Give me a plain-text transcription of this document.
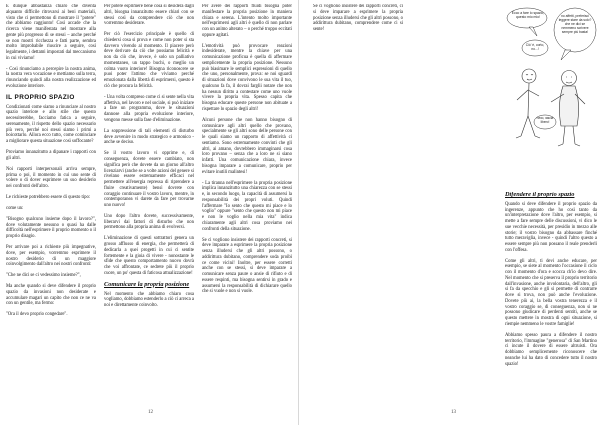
È dunque abbastanza chiaro che diventa alquanto difficile ritrovarsi ai beni materiali, visto che ci permettono di mostrare il "potere" che abbiamo raggiunto! Così accade che la ricerca viene manifestata nel mostrare alla gente più progresso di se stessi – anche perché se non mostri ricchezza e fatti parte, sembra molto improbabile riuscire a seguire, così legalmente, i dettami impostati dal meccanismo in cui viviamo!

- Così rinunciamo a percepire la nostra anima, la nostra vera vocazione e mettiamo sulla terra, rinunciando quindi alla nostra realizzazione ed evoluzione interiore.

IL PROPRIO SPAZIO

Condizionati come siamo a rinunciare al nostro spazio interiore e allo stile che questo necessiterebbe, facciamo fatica a seguire, serenamente, il rispetto dello spazio necessario più vero, perché noi stessi siamo i primi a boicottarlo. Allora ecco tutto, come cominciare a migliorare questa situazione così soffocante?

Proviamo innanzitutto a dipanare i rapporti con gli altri.

Noi rapporti interpersonali arriva sempre, prima o poi, il momento in cui uno sente di volere o di dover esprimere un suo desiderio nei confronti dell'altro.

Le richieste potrebbero essere di questo tipo:

come un:

"Bisogno qualcuno insieme dopo il lavoro?", dove volutamente nessuno o quasi ha dalle difficoltà nell'esprimere il proprio momento o il proprio disagio.

Per arrivare poi a richieste più impegnative, dove, per esempio, vorremmo esprimere il nostro desiderio di un maggiore coinvolgimento dall'altro nei nostri confronti:

"Che ne dici se ci vedessimo insieme?",

Ma anche quando si deve difendere il proprio spazio da invasioni non desiderate e accumulare magari un capito che non ce ne va con un gentile, ma fermo:

"Ora il devo proprio congedare".

Per potere esprimere bene cosa si desidera dagli altri, bisogna innanzitutto essere chiari con se stessi così da comprendere ciò che non vorremmo desiderare.

Per ciò l'esercizio principale è quello di chiedersi cosa si prova e come non poter si sta davvero vivendo al momento. Il piacere però deve derivare da ciò che possiamo felicità e non da ciò che, invece, è solo un palliativo momentaneo, un tappo buchi, o meglio un colma vuoto interiore! Bisogna riconoscere se puoi poter l'attimo che viviamo perché emozionata dalla libertà di esprimersi, questo è ciò che procura la felicità.

- Una volta compreso come ci si sente nella vita affettiva, nel lavoro e nel sociale, si può iniziare a fare un programma, dove le situazioni dannose alla propria evoluzione interiore, vengono messe sulla fase d'eliminazione.

La soppressione di tali elementi di disturbo deve avvenire in modo strategico e armonico - anche se deciso.

Se il vostro lavoro vi opprime e, di conseguenza, dovete essere cambiato, non significa però che dovete da un giorno all'altro licenziarvi (anche se a volte azioni del genere si rivelano essere estremamente efficaci nel permettere all'energia repressa di riprendere a fluire creativamente) bensì dovrete con coraggio continuare il vostro lavoro, mentre, in contemporanea vi darete da fare per trovarne uno nuovo!

Uno dopo l'altro dovete, successivamente, liberarvi dai fattori di disturbo che non permettono alla propria anima di evolversi.

L'eliminazione di questi sottrattori genera un grosso afflusso di energia, che permetterà di dedicarla a quei progetti in cui ci sentite fortemente e la gioia di vivere - nonostante le sfide che questo comportamento nuovo dovrà che voi affrontate, ce sedrete più il proprio cuore, un po' questa di faticosa attualizzazione!

Comunicare la propria posizione

Nel momento che abbiamo chiaro cosa vogliamo, dobbiamo estenderlo a ciò ci arreca a noi e direttamente coinvolto.

Per avere dei rapporti fluidi bisogna poter manifestare la propria posizione in maniera chiara e serena. L'intento molto importante nell'esprimersi agli altri è quello di non parlare con un animo alterato – o perché troppo eccitati oppure agitati.

L'emotività può provocare reazioni indesiderate, mentre la chiave per una comunicazione proficua è quella di affermare semplicemente la propria posizione. Nessuno può biasimare le semplici espressioni di quello che uno, personalmente, prova: se noi sguardi di situazioni dove convivono le sua vita il tuo, qualcuno fa fa, il dovrai farglii notare che non ha nessun diritto a contestare come uno vuole vivere la propria vita. Spesso capita che bisogna educare queste persone non abituate a rispettare lo spazio degli altri!

Alcuni persone che non hanno bisogno di comunicare agli altri quello che provano, specialmente se gli altri sono delle persone con le quali siamo un rapporto di affettività ci sentiamo. Sono estremamente convinti che gli altri, ai amano, dovrebbero immaginarsi cosa loro provano – senza che a loro ne si siano infatti. Una comunicazione chiara, invece bisogna imparare a comunicare, proprio per evitare inutili malintesi!

- La tiranna nell'esprimere la propria posizione implica innanzitutto una chiarezza con se stessi e, in secondo luogo, la capacità di assumersi la responsabilità dei propri voluti. Quindi l'affermare "Io sento che questo mi piace e lo voglio" oppure "sento che questo non mi piace e non le voglio nella mia vita" indica chiaramente agli altri cosa proviamo nei confronti della situazione.

Se ci vogliono insistere dei rapporti concreti, si deve imparare a esprimere la propria posizione senza illudersi che gli altri possono, o addirittura dubitano, comprendere soda proibì ce come vicini! Inoltre, per essere corretti anche con se stessi, si deve imparare a comunicare senza paure o ansie di rifiuto e di essere respinti, ma bisogna sentirsi in grado e assumersi la responsabilità di dichiarare quello che si vuole e non si vuole.

12

Se ci vogliono insistere dei rapporti concreti, ci si deve imparare a esprimere la propria posizione senza illudersi che gli altri possono, o addirittura dubitano, comprendere come ci si sente!

Ecco a fare lo spazio, questo mio mio!	no affetti, preferisci leggere stare da solo? che ne dici se nemmeno scrivere sempre più basta!
Ciò' è, corto, no...!
hello, lascia libero!
Difendere il proprio spazio

Quando si deve difendere il proprio spazio da ingerenze, appunto che ho così tanto da un'interpretazione dove l'altro, per esempio, si mette a fare sempre delle discussioni, vi dico le sue vecchie necessità, per presidio in mezzo alle storie; il vostro bisogno da abbassare finché tutto meraviglia, invece - quindi l'altro questo a essere sempre più non possano il reale prenderli con l'offesa.

Come gli altri, ti devi anche educare, per esempio, se siete al momento l'occasione il ciclo con il momento d'ora e scocca ch'io devo dire. Nel momento che si preserva il proprio territorio dall'invasione, anche involontaria, dell'altro, gli si fa da specchio e gli si permette di contrarre dove si trova, non può anche l'evoluzione. Dovete più ai, la bella vostra tenerezza e il vostro coraggio se, di conseguenza, non si ne possono giudicare di perdenti sentiti, anche se questo mettere in mostra di ogni situazione, si riempie nemmeno le vostre famiglie!

Abbiamo spesso paura a difendere il nostro territorio, l'immagine "generosa" di San Martino ci incute il dovere di essere altruisti. Ora dobbiamo semplicemente riconoscere che neanche lui ha dato di concedere tutto il nostro spazio!

13
